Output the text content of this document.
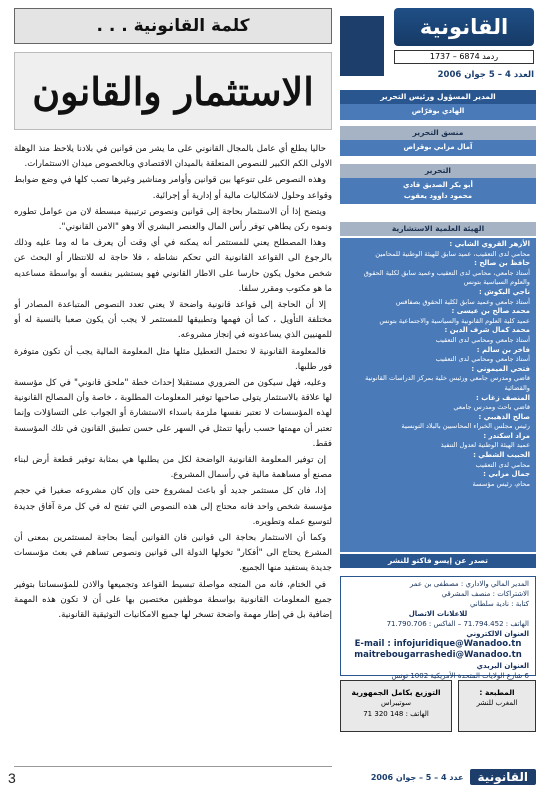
كلمة القانونية . . .
الاستثمار والقانون

حاليا يطلع أي عامل بالمجال القانوني على ما يشر من قوانين في بلادنا يلاحظ منذ الوهلة الاولى الكم الكبير للنصوص المتعلقة بالميدان الاقتصادي وبالخصوص ميدان الاستثمارات.

وهذه النصوص على تنوعها بين قوانين وأوامر ومناشير وغيرها تصب كلها في وضع ضوابط وقواعد وحلول لاشكاليات مالية أو إدارية أو إجرائية.

ويتضح إذا أن الاستثمار بحاجة إلى قوانين ونصوص ترتيبية مبسطة لان من عوامل تطوره ونموه ركن يطاهي توفر رأس المال والعنصر البشري ألا وهو "الامن القانوني".

وهذا المصطلح يعني للمستثمر أنه يمكنه في أي وقت أن يعرف ما له وما عليه وذلك بالرجوع الى القواعد القانونية التي تحكم نشاطه ، فلا حاجة له للانتظار أو البحث عن شخص مخول يكون حارسا على الاطار القانوني فهو يستشير بنفسه أو بواسطة مساعديه ما هو مكتوب ومقرر سلفا.

إلا أن الحاجة إلى قواعد قانونية واضحة لا يعني تعدد النصوص المتباعدة المصادر أو مختلفة التأويل ، كما أن فهمها وتطبيقها للمستثمر لا يجب أن يكون صعبا بالنسبة له أو للمهنيين الذي يساعدونه في إنجاز مشروعه.

فالمعلومة القانونية لا تحتمل التعطيل مثلها مثل المعلومة المالية يجب أن تكون متوفرة فور طلبها.

وعليه، فهل سيكون من الضروري مستقبلا إحداث خطة "ملحق قانوني" في كل مؤسسة لها علاقة بالاستثمار يتولى صاحبها توفير المعلومات المطلوبة ، خاصة وأن المصالح القانونية لهذه المؤسسات لا تعتبر نفسها ملزمة باسداء الاستشارة أو الجواب على التساؤلات وإنما تعتبر أن مهمتها حسب رأيها تتمثل في السهر على حسن تطبيق القانون في تلك المؤسسة فقط.

إن توفير المعلومة القانونية الواضحة لكل من يطلبها هي بمثابة توفير قطعة أرض لبناء مصنع أو مساهمة مالية في رأسمال المشروع.

إذا، فان كل مستثمر جديد أو باعث لمشروع حتى وإن كان مشروعه صغيرا في حجم مؤسسة شخص واحد فانه محتاج إلى هذه النصوص التي تفتح له في كل مرة آفاق جديدة لتوسيع عمله وتطويره.

وكما أن الاستثمار بحاجة الى قوانين فان القوانين أيضا بحاجة لمستثمرين بمعنى أن المشرع يحتاج الى "أفكار" تخولها الدولة الى قوانين ونصوص تساهم في بعث مؤسسات جديدة يستفيد منها الجميع.

في الختام، فانه من المتجه مواصلة تبسيط القواعد وتجميعها والاذن للمؤسساتنا بتوفير جميع المعلومات القانونية بواسطة موظفين مختصين بها على أن لا تكون هذه المهمة إضافية بل في إطار مهمة واضحة تسخر لها جميع الامكانيات التوثيقية القانونية.

3
القانونية
ردمد 6874 – 1737
العدد 4 – 5 جوان 2006
المدير المسؤول ورئيس التحرير
الهادي بوقرّاص
منسق التحرير
آمال مزابي بوقراص
التحرير
أبو بكر الصديق قادي
محمود داوود يعقوب
الهيئة العلمية الاستشارية
الأزهر القروي الشابي :
محامي لدى التعقيب، عميد سابق للهيئة الوطنية للمحامين
حافظ بن صالح :
أستاذ جامعي، محامي لدى التعقيب وعميد سابق لكلية الحقوق والعلوم السياسية بتونس
ناجي البكوش :
أستاذ جامعي وعميد سابق لكلية الحقوق بصفاقس
محمد صالح بن عيسى :
عميد كلية العلوم القانونية والسياسية والاجتماعية بتونس
محمد كمال شرف الدين :
أستاذ جامعي ومحامي لدى التعقيب
فاخر بن سالم :
أستاذ جامعي ومحامي لدى التعقيب
فتحي الميموني :
قاضي ومدرس جامعي ورئيس خلية بمركز الدراسات القانونية والقضائية
المنصف زغاب :
قاضي باحث ومدرس جامعي
صالح الذهيبي :
رئيس مجلس الخبراء المحاسبين بالبلاد التونسية
مراد اسكندر :
عميد الهيئة الوطنية لعدول التنفيذ
الحبيب الشطي :
محامي لدى التعقيب
جمال مزابي :
محام، رئيس مؤسسة
تصدر عن إيسو فاكتو للنشر
المدير المالي والاداري : مصطفى بن عمر
الاشتراكات : منصف المشرقي
كتابة : نادية سلطاني
للاعلانات الاتصال
الهاتف : 71.794.452 – الفاكس : 71.790.706
العنوان الالكتروني
E-mail : infojuridique@Wanadoo.tn
maitrebougarrashedi@Wanadoo.tn
العنوان البريدي
6 شارع الولايات المتحدة الأمريكية 1002 تونس
المطبعة :
المغرب للنشر
التوزيع بكامل الجمهورية
سوتيبراس
الهاتف : 148 320 71
القانونية
عدد 4 – 5 – جوان 2006
